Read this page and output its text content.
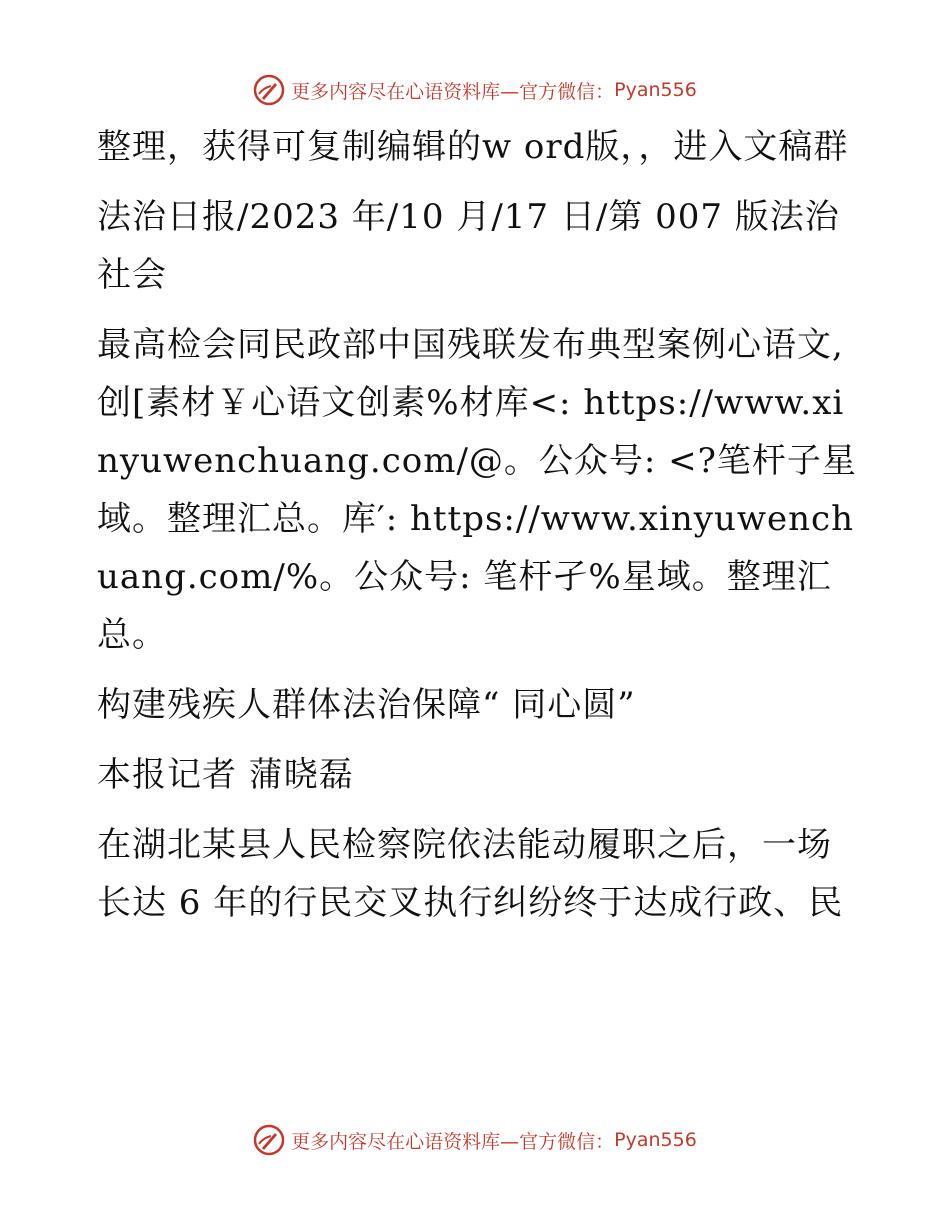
更多内容尽在心语资料库—官方微信： Pyan556

整理，获得可复制编辑的w ord版，，进入文稿群

法治日报/2023 年/10 月/17 日/第 007 版法治社会

最高检会同民政部中国残联发布典型案例心语文,创[素材￥心语文创素%材库<: https://www.xinyuwenchuang.com/@。公众号: <?笔杆子星域。整理汇总。库′: https://www.xinyuwenchuang.com/%。公众号: 笔杆孑%星域。整理汇总。

构建残疾人群体法治保障“ 同心圆”

本报记者 蒲晓磊

在湖北某县人民检察院依法能动履职之后，一场长达 6 年的行民交叉执行纠纷终于达成行政、民

更多内容尽在心语资料库—官方微信： Pyan556
